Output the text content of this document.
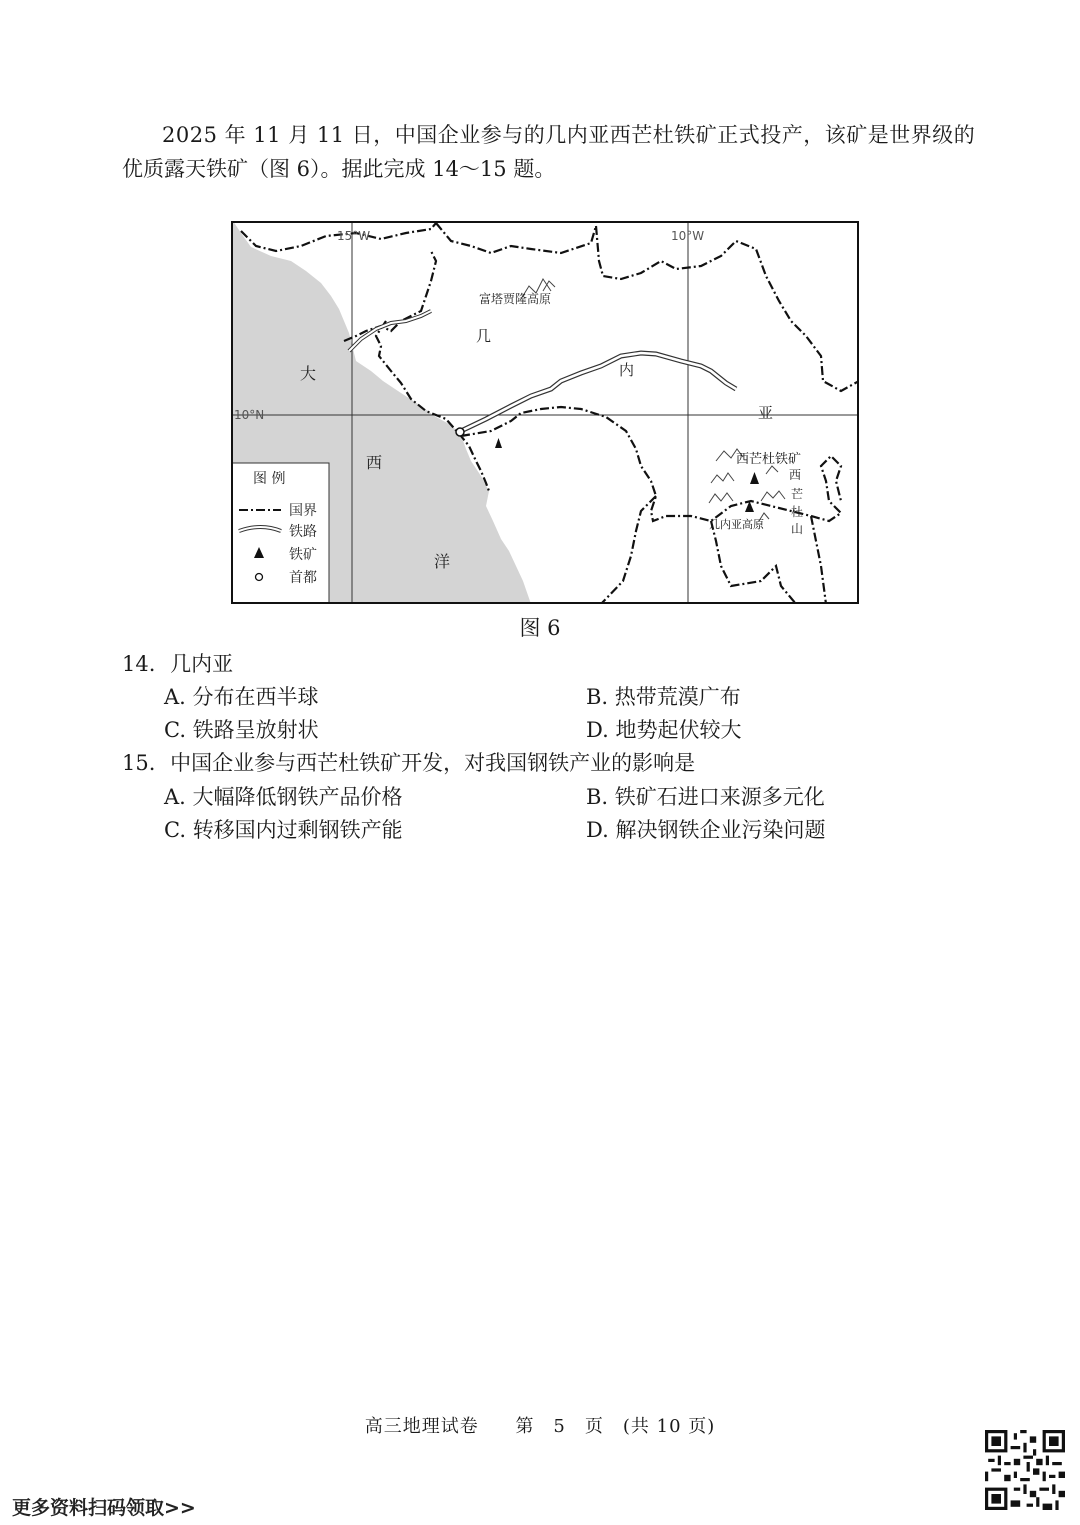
2025 年 11 月 11 日，中国企业参与的几内亚西芒杜铁矿正式投产，该矿是世界级的
优质露天铁矿（图 6）。据此完成 14～15 题。
15°W	10°W
10°N
富塔贾隆高原
几
内
亚
大
西
洋
西芒杜铁矿
西
芒
杜
山
几内亚高原
图 例
国界
铁路
铁矿
首都
图 6
14. 几内亚
A. 分布在西半球	B. 热带荒漠广布
C. 铁路呈放射状	D. 地势起伏较大
15. 中国企业参与西芒杜铁矿开发，对我国钢铁产业的影响是
A. 大幅降低钢铁产品价格	B. 铁矿石进口来源多元化
C. 转移国内过剩钢铁产能	D. 解决钢铁企业污染问题
高三地理试卷 第　5　页　(共 10 页)
更多资料扫码领取>>
